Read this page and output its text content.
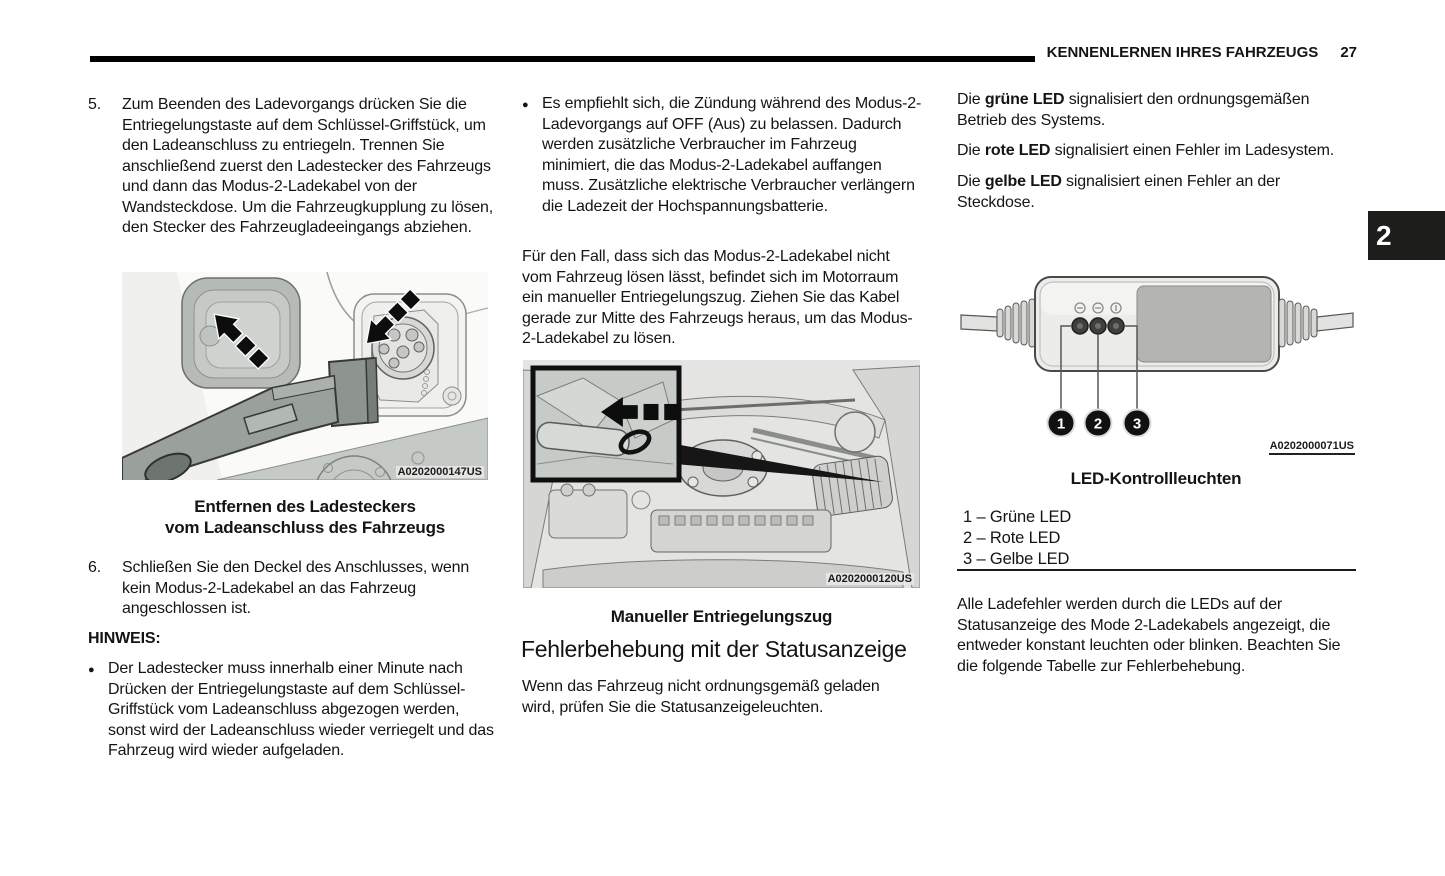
KENNENLERNEN IHRES FAHRZEUGS 27
2
5.	Zum Beenden des Ladevorgangs drücken Sie die Entriegelungstaste auf dem Schlüssel-Griffstück, um den Ladeanschluss zu entriegeln. Trennen Sie anschließend zuerst den Ladestecker des Fahrzeugs und dann das Modus-2-Ladekabel von der Wandsteckdose. Um die Fahrzeugkupplung zu lösen, den Stecker des Fahrzeugladeeingangs abziehen.
A0202000147US
Entfernen des Ladesteckers
vom Ladeanschluss des Fahrzeugs
6.	Schließen Sie den Deckel des Anschlusses, wenn kein Modus-2-Ladekabel an das Fahrzeug angeschlossen ist.
HINWEIS:
● Der Ladestecker muss innerhalb einer Minute nach Drücken der Entriegelungstaste auf dem Schlüssel-Griffstück vom Ladeanschluss abgezogen werden, sonst wird der Ladeanschluss wieder verriegelt und das Fahrzeug wird wieder aufgeladen.
● Es empfiehlt sich, die Zündung während des Modus-2-Ladevorgangs auf OFF (Aus) zu belassen. Dadurch werden zusätzliche Verbraucher im Fahrzeug minimiert, die das Modus-2-Ladekabel auffangen muss. Zusätzliche elektrische Verbraucher verlängern die Ladezeit der Hochspannungsbatterie.
Für den Fall, dass sich das Modus-2-Ladekabel nicht vom Fahrzeug lösen lässt, befindet sich im Motorraum ein manueller Entriegelungszug. Ziehen Sie das Kabel gerade zur Mitte des Fahrzeugs heraus, um das Modus-2-Ladekabel zu lösen.
A0202000120US
Manueller Entriegelungszug
Fehlerbehebung mit der Statusanzeige
Wenn das Fahrzeug nicht ordnungsgemäß geladen wird, prüfen Sie die Statusanzeigeleuchten.
Die grüne LED signalisiert den ordnungsgemäßen Betrieb des Systems.
Die rote LED signalisiert einen Fehler im Ladesystem.
Die gelbe LED signalisiert einen Fehler an der Steckdose.
1 2 3
A0202000071US
LED-Kontrollleuchten
1 – Grüne LED
2 – Rote LED
3 – Gelbe LED
Alle Ladefehler werden durch die LEDs auf der Statusanzeige des Mode 2-Ladekabels angezeigt, die entweder konstant leuchten oder blinken. Beachten Sie die folgende Tabelle zur Fehlerbehebung.
